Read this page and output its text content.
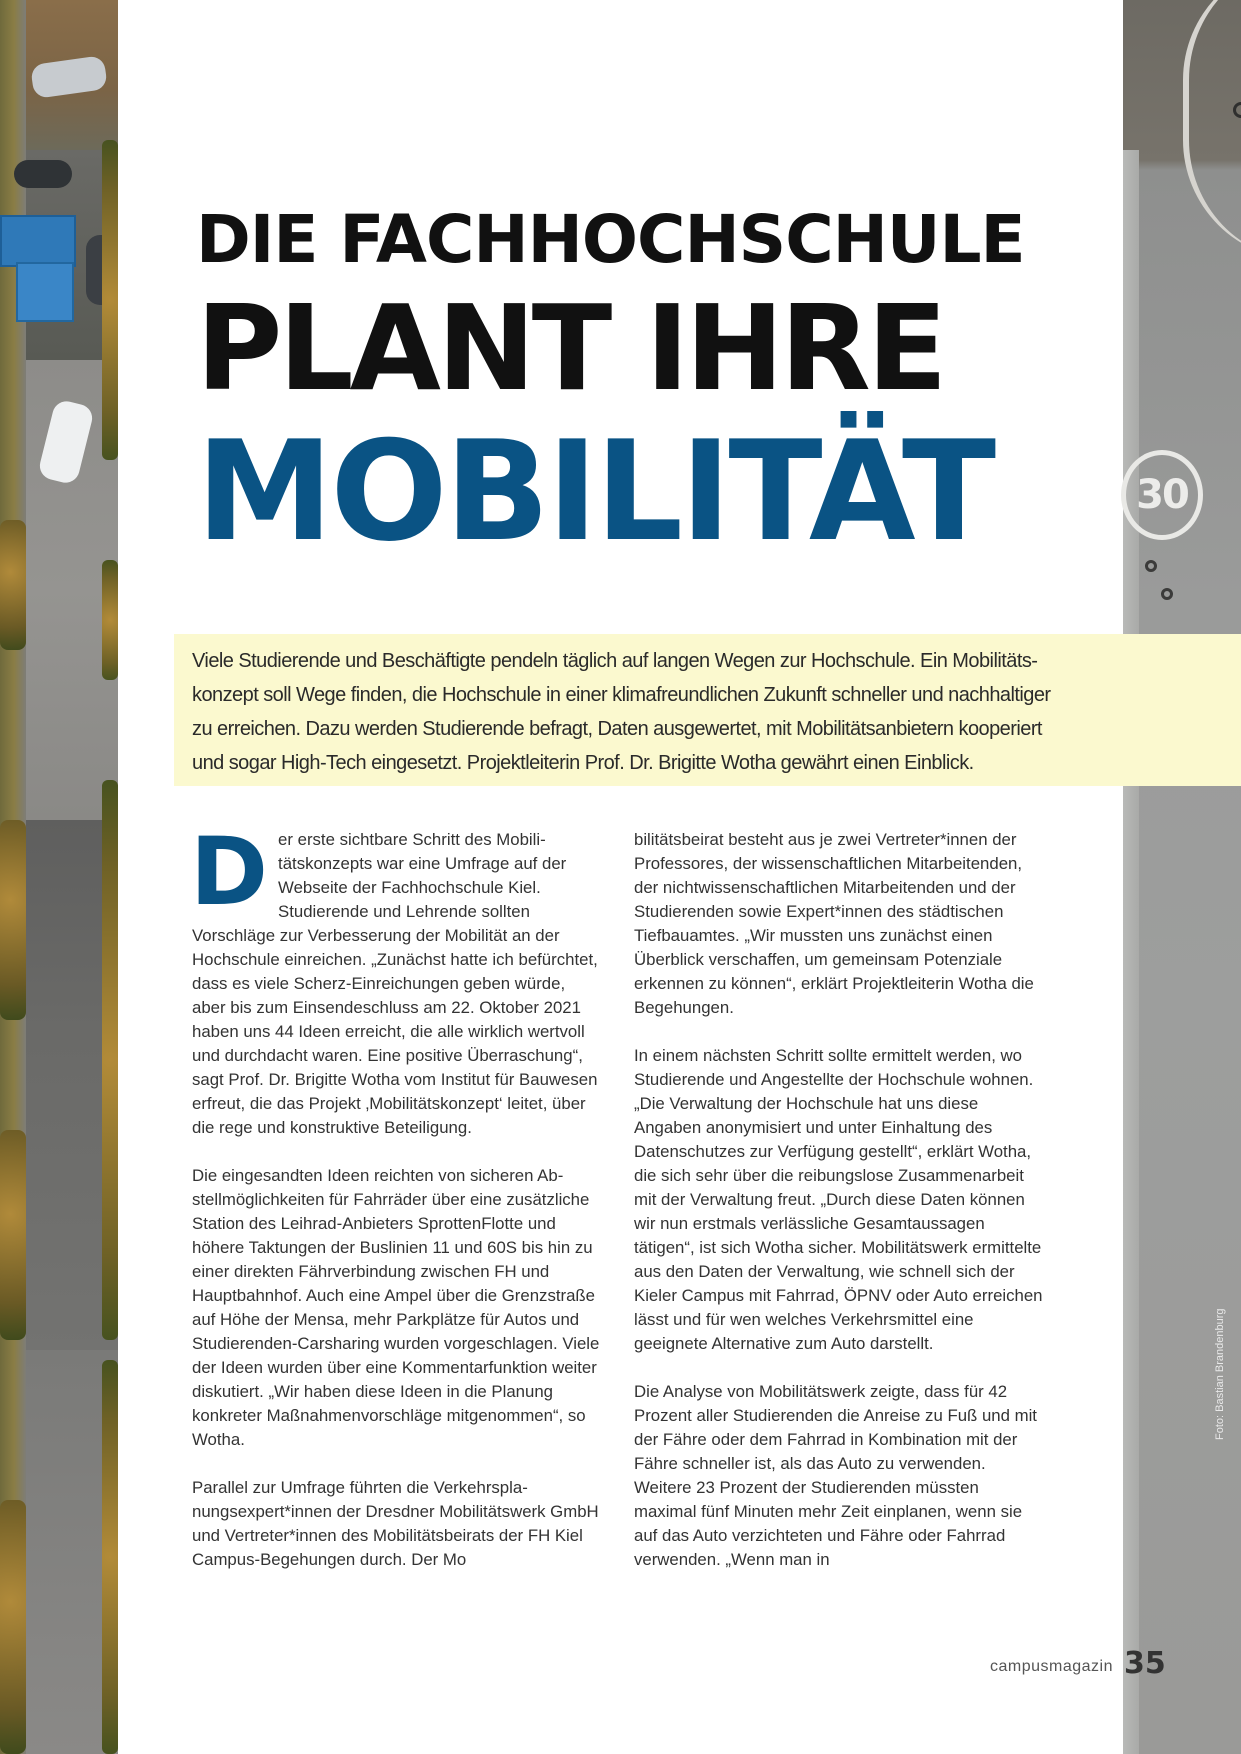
30
Foto: Bastian Brandenburg
DIE FACHHOCHSCHULE
PLANT IHRE
MOBILITÄT

Viele Studierende und Beschäftigte pendeln täglich auf langen Wegen zur Hochschule. Ein Mobilitätskonzept soll Wege finden, die Hochschule in einer klimafreundlichen Zukunft schneller und nachhaltiger zu erreichen. Dazu werden Studierende befragt, Daten ausgewertet, mit Mobilitätsanbietern kooperiert und sogar High-Tech eingesetzt. Projektleiterin Prof. Dr. Brigitte Wotha gewährt einen Einblick.

Der erste sichtbare Schritt des Mobilitätskonzepts war eine Umfrage auf der Webseite der Fachhochschule Kiel. Studierende und Lehrende sollten Vorschläge zur Verbesserung der Mobilität an der Hochschule einreichen. „Zunächst hatte ich befürchtet, dass es viele Scherz-Einreichungen geben würde, aber bis zum Einsendeschluss am 22. Oktober 2021 haben uns 44 Ideen erreicht, die alle wirklich wertvoll und durchdacht waren. Eine positive Überraschung“, sagt Prof. Dr. Brigitte Wotha vom Institut für Bauwesen erfreut, die das Projekt ‚Mobilitätskonzept‘ leitet, über die rege und konstruktive Beteiligung.

Die eingesandten Ideen reichten von sicheren Abstellmöglichkeiten für Fahrräder über eine zusätzliche Station des Leihrad-Anbieters SprottenFlotte und höhere Taktungen der Buslinien 11 und 60S bis hin zu einer direkten Fährverbindung zwischen FH und Hauptbahnhof. Auch eine Ampel über die Grenzstraße auf Höhe der Mensa, mehr Parkplätze für Autos und Studierenden-Carsharing wurden vorgeschlagen. Viele der Ideen wurden über eine Kommentarfunktion weiter diskutiert. „Wir haben diese Ideen in die Planung konkreter Maßnahmenvorschläge mitgenommen“, so Wotha.

Parallel zur Umfrage führten die Verkehrsplanungsexpert*innen der Dresdner Mobilitätswerk GmbH und Vertreter*innen des Mobilitätsbeirats der FH Kiel Campus-Begehungen durch. Der Mo

bilitätsbeirat besteht aus je zwei Vertreter*innen der Professores, der wissenschaftlichen Mitarbeitenden, der nichtwissenschaftlichen Mitarbeitenden und der Studierenden sowie Expert*innen des städtischen Tiefbauamtes. „Wir mussten uns zunächst einen Überblick verschaffen, um gemeinsam Potenziale erkennen zu können“, erklärt Projektleiterin Wotha die Begehungen.

In einem nächsten Schritt sollte ermittelt werden, wo Studierende und Angestellte der Hochschule wohnen. „Die Verwaltung der Hochschule hat uns diese Angaben anonymisiert und unter Einhaltung des Datenschutzes zur Verfügung gestellt“, erklärt Wotha, die sich sehr über die reibungslose Zusammenarbeit mit der Verwaltung freut. „Durch diese Daten können wir nun erstmals verlässliche Gesamtaussagen tätigen“, ist sich Wotha sicher. Mobilitätswerk ermittelte aus den Daten der Verwaltung, wie schnell sich der Kieler Campus mit Fahrrad, ÖPNV oder Auto erreichen lässt und für wen welches Verkehrsmittel eine geeignete Alternative zum Auto darstellt.

Die Analyse von Mobilitätswerk zeigte, dass für 42 Prozent aller Studierenden die Anreise zu Fuß und mit der Fähre oder dem Fahrrad in Kombination mit der Fähre schneller ist, als das Auto zu verwenden. Weitere 23 Prozent der Studierenden müssten maximal fünf Minuten mehr Zeit einplanen, wenn sie auf das Auto verzichteten und Fähre oder Fahrrad verwenden. „Wenn man in

campusmagazin 35
